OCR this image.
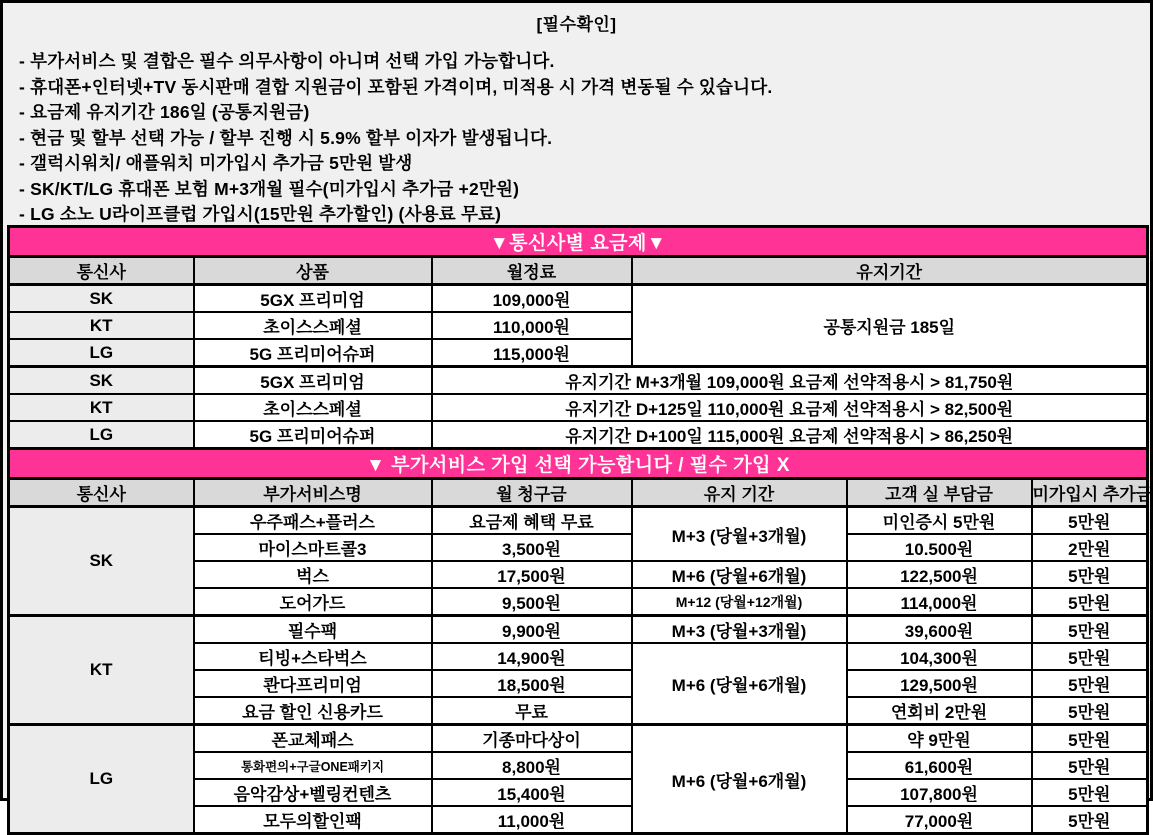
[필수확인]
- 부가서비스 및 결합은 필수 의무사항이 아니며 선택 가입 가능합니다.
- 휴대폰+인터넷+TV 동시판매 결합 지원금이 포함된 가격이며, 미적용 시 가격 변동될 수 있습니다.
- 요금제 유지기간 186일 (공통지원금)
- 현금 및 할부 선택 가능 / 할부 진행 시 5.9% 할부 이자가 발생됩니다.
- 갤럭시워치/ 애플워치 미가입시 추가금 5만원 발생
- SK/KT/LG 휴대폰 보험 M+3개월 필수(미가입시 추가금 +2만원)
- LG 소노 U라이프클럽 가입시(15만원 추가할인) (사용료 무료)
▼통신사별 요금제▼			
통신사	상품	월정료	유지기간
SK	5GX 프리미엄	109,000원	공통지원금 185일
KT	초이스스페셜	110,000원	
LG	5G 프리미어슈퍼	115,000원	
SK	5GX 프리미엄	유지기간 M+3개월 109,000원 요금제 선약적용시 > 81,750원	
KT	초이스스페셜	유지기간 D+125일 110,000원 요금제 선약적용시 > 82,500원	
LG	5G 프리미어슈퍼	유지기간 D+100일 115,000원 요금제 선약적용시 > 86,250원	
▼ 부가서비스 가입 선택 가능합니다 / 필수 가입 X					
통신사	부가서비스명	월 청구금	유지 기간	고객 실 부담금	미가입시 추가금
SK	우주패스+플러스	요금제 혜택 무료	M+3 (당월+3개월)	미인증시 5만원	5만원
	마이스마트콜3	3,500원		10.500원	2만원
	벅스	17,500원	M+6 (당월+6개월)	122,500원	5만원
	도어가드	9,500원	M+12 (당월+12개월)	114,000원	5만원
KT	필수팩	9,900원	M+3 (당월+3개월)	39,600원	5만원
	티빙+스타벅스	14,900원	M+6 (당월+6개월)	104,300원	5만원
	콴다프리미엄	18,500원		129,500원	5만원
	요금 할인 신용카드	무료		연회비 2만원	5만원
LG	폰교체패스	기종마다상이	M+6 (당월+6개월)	약 9만원	5만원
	통화편의+구글ONE패키지	8,800원		61,600원	5만원
	음악감상+벨링컨텐츠	15,400원		107,800원	5만원
	모두의할인팩	11,000원		77,000원	5만원
